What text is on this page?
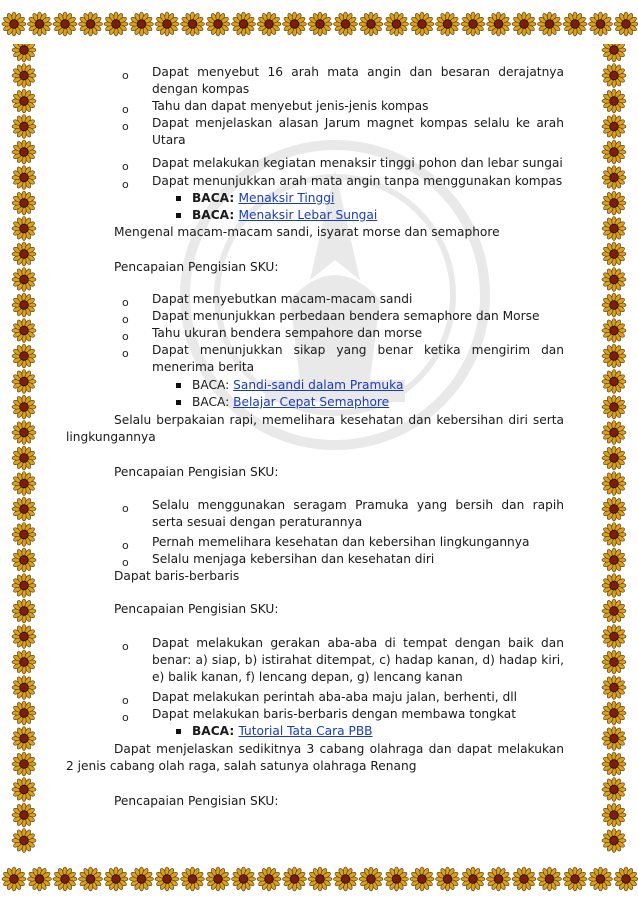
o Dapat menyebut 16 arah mata angin dan besaran derajatnya dengan kompas
o Tahu dan dapat menyebut jenis-jenis kompas
o Dapat menjelaskan alasan Jarum magnet kompas selalu ke arah Utara
o Dapat melakukan kegiatan menaksir tinggi pohon dan lebar sungai
o Dapat menunjukkan arah mata angin tanpa menggunakan kompas
BACA: Menaksir Tinggi
BACA: Menaksir Lebar Sungai
Mengenal macam-macam sandi, isyarat morse dan semaphore
Pencapaian Pengisian SKU:
o Dapat menyebutkan macam-macam sandi
o Dapat menunjukkan perbedaan bendera semaphore dan Morse
o Tahu ukuran bendera sempahore dan morse
o Dapat menunjukkan sikap yang benar ketika mengirim dan menerima berita
BACA: Sandi-sandi dalam Pramuka
BACA: Belajar Cepat Semaphore
Selalu berpakaian rapi, memelihara kesehatan dan kebersihan diri serta lingkungannya
Pencapaian Pengisian SKU:
o Selalu menggunakan seragam Pramuka yang bersih dan rapih serta sesuai dengan peraturannya
o Pernah memelihara kesehatan dan kebersihan lingkungannya
o Selalu menjaga kebersihan dan kesehatan diri
Dapat baris-berbaris
Pencapaian Pengisian SKU:
o Dapat melakukan gerakan aba-aba di tempat dengan baik dan benar: a) siap, b) istirahat ditempat, c) hadap kanan, d) hadap kiri, e) balik kanan, f) lencang depan, g) lencang kanan
o Dapat melakukan perintah aba-aba maju jalan, berhenti, dll
o Dapat melakukan baris-berbaris dengan membawa tongkat
BACA: Tutorial Tata Cara PBB
Dapat menjelaskan sedikitnya 3 cabang olahraga dan dapat melakukan 2 jenis cabang olah raga, salah satunya olahraga Renang
Pencapaian Pengisian SKU:
